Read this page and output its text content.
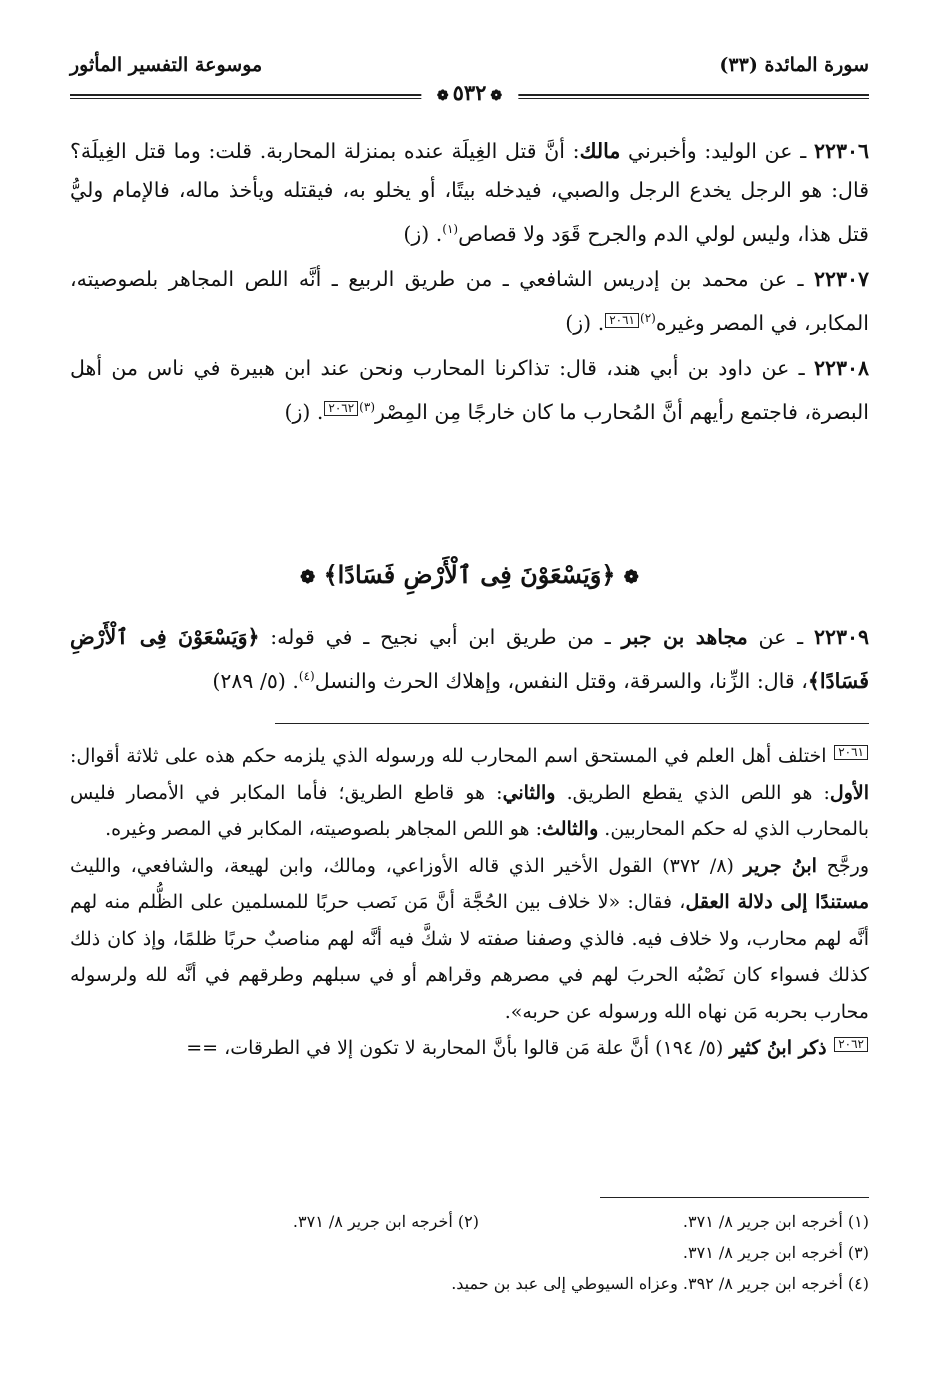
سورة المائدة (٣٣)
موسوعة التفسير المأثور
❁٥٣٢❁

٢٢٣٠٦ ـ عن الوليد: وأخبرني مالك: أنَّ قتل الغِيلَة عنده بمنزلة المحاربة. قلت: وما قتل الغِيلَة؟ قال: هو الرجل يخدع الرجل والصبي، فيدخله بيتًا، أو يخلو به، فيقتله ويأخذ ماله، فالإمام وليُّ قتل هذا، وليس لولي الدم والجرح قَوَد ولا قصاص$^{(١)}$. (ز)

٢٢٣٠٧ ـ عن محمد بن إدريس الشافعي ـ من طريق الربيع ـ أنَّه اللص المجاهر بلصوصيته، المكابر، في المصر وغيره$^{(٢)}$٢٠٦١. (ز)

٢٢٣٠٨ ـ عن داود بن أبي هند، قال: تذاكرنا المحارب ونحن عند ابن هبيرة في ناس من أهل البصرة، فاجتمع رأيهم أنَّ المُحارب ما كان خارجًا مِن المِصْر$^{(٣)}$٢٠٦٢. (ز)

❁ ﴿وَيَسْعَوْنَ فِى ٱلْأَرْضِ فَسَادًا﴾ ❁
٢٢٣٠٩ ـ عن مجاهد بن جبر ـ من طريق ابن أبي نجيح ـ في قوله: ﴿وَيَسْعَوْنَ فِى ٱلْأَرْضِ فَسَادًا﴾، قال: الزِّنا، والسرقة، وقتل النفس، وإهلاك الحرث والنسل$^{(٤)}$. (٥/ ٢٨٩)

٢٠٦١ اختلف أهل العلم في المستحق اسم المحارب لله ورسوله الذي يلزمه حكم هذه على ثلاثة أقوال: الأول: هو اللص الذي يقطع الطريق. والثاني: هو قاطع الطريق؛ فأما المكابر في الأمصار فليس بالمحارب الذي له حكم المحاربين. والثالث: هو اللص المجاهر بلصوصيته، المكابر في المصر وغيره.

ورجَّح ابنُ جرير (٨/ ٣٧٢) القول الأخير الذي قاله الأوزاعي، ومالك، وابن لهيعة، والشافعي، والليث مستندًا إلى دلالة العقل، فقال: «لا خلاف بين الحُجَّة أنَّ مَن نَصب حربًا للمسلمين على الظُّلم منه لهم أنَّه لهم محارب، ولا خلاف فيه. فالذي وصفنا صفته لا شكَّ فيه أنَّه لهم مناصبٌ حربًا ظلمًا، وإذ كان ذلك كذلك فسواء كان نَصْبُه الحربَ لهم في مصرهم وقراهم أو في سبلهم وطرقهم في أنَّه لله ولرسوله محارب بحربه مَن نهاه الله ورسوله عن حربه».

٢٠٦٢ ذكر ابنُ كثير (٥/ ١٩٤) أنَّ علة مَن قالوا بأنَّ المحاربة لا تكون إلا في الطرقات، ==

(١) أخرجه ابن جرير ٨/ ٣٧١.
(٢) أخرجه ابن جرير ٨/ ٣٧١.
(٣) أخرجه ابن جرير ٨/ ٣٧١.
(٤) أخرجه ابن جرير ٨/ ٣٩٢. وعزاه السيوطي إلى عبد بن حميد.
